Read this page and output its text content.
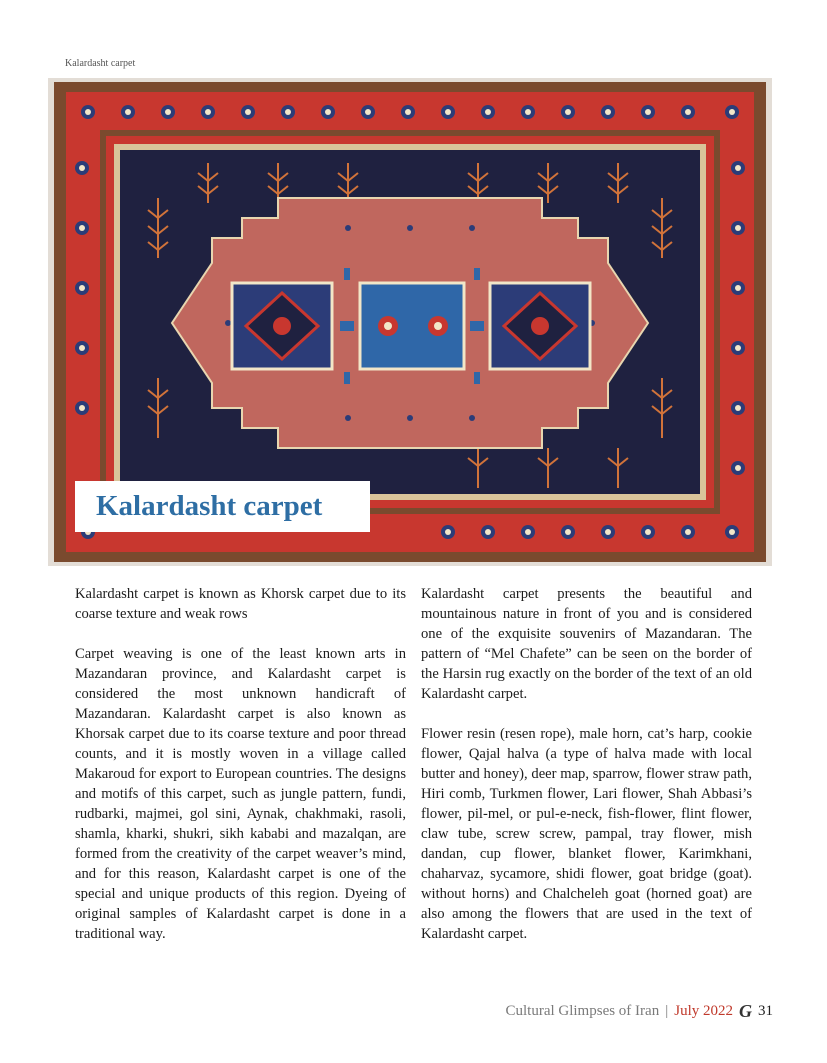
Kalardasht carpet
Kalardasht carpet

Kalardasht carpet is known as Khorsk carpet due to its coarse texture and weak rows

Carpet weaving is one of the least known arts in Mazandaran province, and Kalardasht carpet is considered the most unknown handicraft of Mazandaran. Kalardasht carpet is also known as Khorsak carpet due to its coarse texture and poor thread counts, and it is mostly woven in a village called Makaroud for export to European countries. The designs and motifs of this carpet, such as jungle pattern, fundi, rudbarki, majmei, gol sini, Aynak, chakhmaki, rasoli, shamla, kharki, shukri, sikh kababi and mazalqan, are formed from the creativity of the carpet weaver’s mind, and for this reason, Kalardasht carpet is one of the special and unique products of this region. Dyeing of original samples of Kalardasht carpet is done in a traditional way.

Kalardasht carpet presents the beautiful and mountainous nature in front of you and is considered one of the exquisite souvenirs of Mazandaran. The pattern of “Mel Chafete” can be seen on the border of the Harsin rug exactly on the border of the text of an old Kalardasht carpet.

Flower resin (resen rope), male horn, cat’s harp, cookie flower, Qajal halva (a type of halva made with local butter and honey), deer map, sparrow, flower straw path, Hiri comb, Turkmen flower, Lari flower, Shah Abbasi’s flower, pil-mel, or pul-e-neck, fish-flower, flint flower, claw tube, screw screw, pampal, tray flower, mish dandan, cup flower, blanket flower, Karimkhani, chaharvaz, sycamore, shidi flower, goat bridge (goat). without horns) and Chalcheleh goat (horned goat) are also among the flowers that are used in the text of Kalardasht carpet.

Cultural Glimpses of Iran | July 2022 G 31
